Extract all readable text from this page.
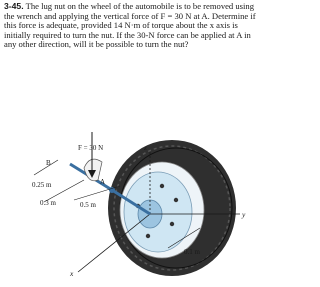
3-45. The lug nut on the wheel of the automobile is to be removed using the wrench and applying the vertical force of F = 30 N at A. Determine if this force is adequate, provided 14 N·m of torque about the x axis is initially required to turn the nut. If the 30-N force can be applied at A in any other direction, will it be possible to turn the nut?
F = 30 N
B
A
0.25 m
0.3 m	0.5 m
0.1 m
z
y
x
